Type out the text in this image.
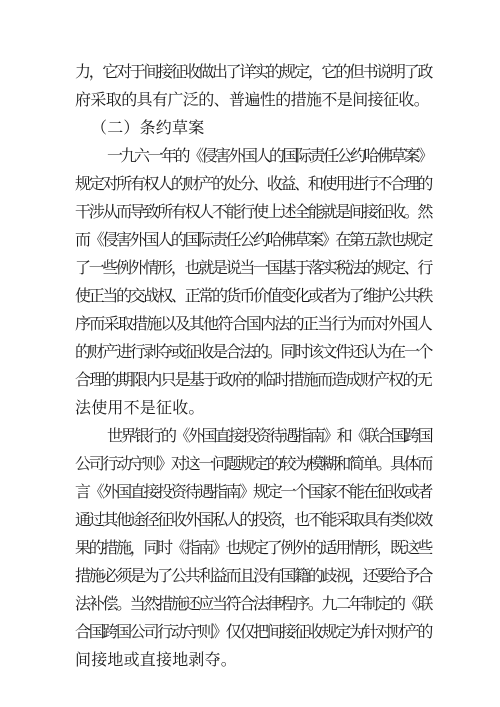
力，它对于间接征收做出了详实的规定，它的但书说明了政

府采取的具有广泛的、普遍性的措施不是间接征收。

（二）条约草案

一九六一年的《侵害外国人的国际责任公约哈佛草案》

规定对所有权人的财产的处分、收益、和使用进行不合理的

干涉从而导致所有权人不能行使上述全能就是间接征收。然

而《侵害外国人的国际责任公约哈佛草案》在第五款也规定

了一些例外情形，也就是说当一国基于落实税法的规定、行

使正当的交战权、正常的货币价值变化或者为了维护公共秩

序而采取措施以及其他符合国内法的正当行为而对外国人

的财产进行剥夺或征收是合法的。同时该文件还认为在一个

合理的期限内只是基于政府的临时措施而造成财产权的无

法使用不是征收。

世界银行的《外国直接投资待遇指南》和《联合国跨国

公司行动守则》对这一问题规定的较为模糊和简单。具体而

言《外国直接投资待遇指南》规定一个国家不能在征收或者

通过其他途径征收外国私人的投资，也不能采取具有类似效

果的措施，同时《指南》也规定了例外的适用情形，既这些

措施必须是为了公共利益而且没有国籍的歧视，还要给予合

法补偿。当然措施还应当符合法律程序。九二年制定的《联

合国跨国公司行动守则》仅仅把间接征收规定为针对财产的

间接地或直接地剥夺。
